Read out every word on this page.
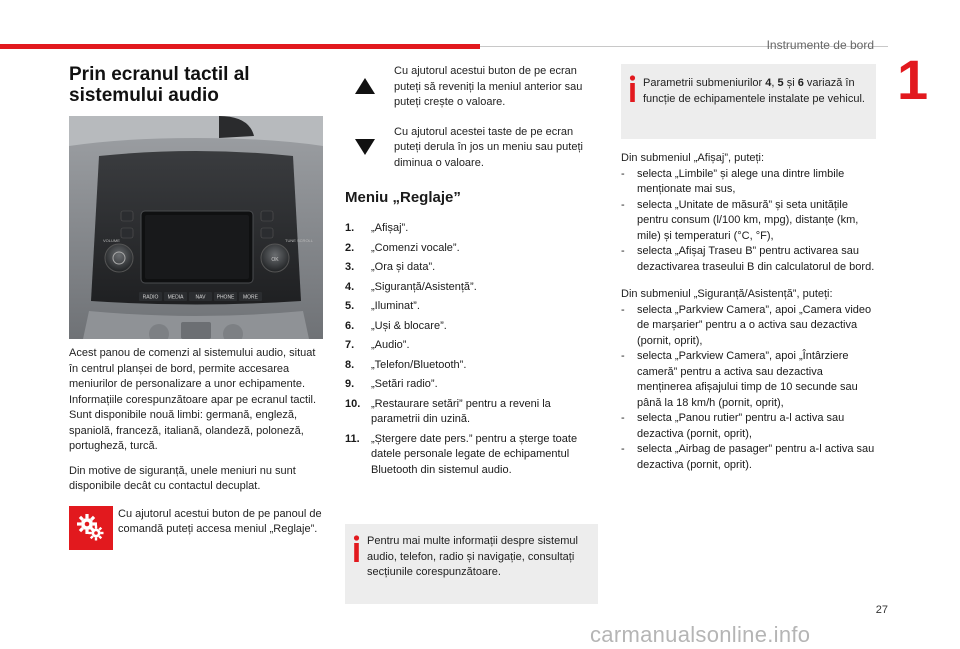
Instrumente de bord
1
Prin ecranul tactil al sistemului audio
OK
RADIO MEDIA NAV PHONE MORE
VOLUME	TUNE SCROLL

Acest panou de comenzi al sistemului audio, situat în centrul planșei de bord, permite accesarea meniurilor de personalizare a unor echipamente.

Informațiile corespunzătoare apar pe ecranul tactil.

Sunt disponibile nouă limbi: germană, engleză, spaniolă, franceză, italiană, olandeză, poloneză, portugheză, turcă.

Din motive de siguranță, unele meniuri nu sunt disponibile decât cu contactul decuplat.

Cu ajutorul acestui buton de pe panoul de comandă puteți accesa meniul „Reglaje”.

Cu ajutorul acestui buton de pe ecran puteți să reveniți la meniul anterior sau puteți crește o valoare.

Cu ajutorul acestei taste de pe ecran puteți derula în jos un meniu sau puteți diminua o valoare.

Meniu „Reglaje”
1.	„Afișaj”.
2.	„Comenzi vocale”.
3.	„Ora și data”.
4.	„Siguranță/Asistență”.
5.	„Iluminat”.
6.	„Uși & blocare”.
7.	„Audio”.
8.	„Telefon/Bluetooth”.
9.	„Setări radio”.
10. „Restaurare setări” pentru a reveni la parametrii din uzină.
11.	„Ștergere date pers.” pentru a șterge toate datele personale legate de echipamentul Bluetooth din sistemul audio.

Pentru mai multe informații despre sistemul audio, telefon, radio și navigație, consultați secțiunile corespunzătoare.

Parametrii submeniurilor 4, 5 și 6 variază în funcție de echipamentele instalate pe vehicul.

Din submeniul „Afișaj”, puteți:

-	selecta „Limbile” și alege una dintre limbile menționate mai sus,
-	selecta „Unitate de măsură” și seta unitățile pentru consum (l/100 km, mpg), distanțe (km, mile) și temperaturi (°C, °F),
-	selecta „Afișaj Traseu B” pentru activarea sau dezactivarea traseului B din calculatorul de bord.

Din submeniul „Siguranță/Asistență”, puteți:

-	selecta „Parkview Camera”, apoi „Camera video de marșarier” pentru a o activa sau dezactiva (pornit, oprit),
-	selecta „Parkview Camera”, apoi „Întârziere cameră” pentru a activa sau dezactiva menținerea afișajului timp de 10 secunde sau până la 18 km/h (pornit, oprit),
-	selecta „Panou rutier” pentru a-l activa sau dezactiva (pornit, oprit),
-	selecta „Airbag de pasager” pentru a-l activa sau dezactiva (pornit, oprit).
27
carmanualsonline.info
